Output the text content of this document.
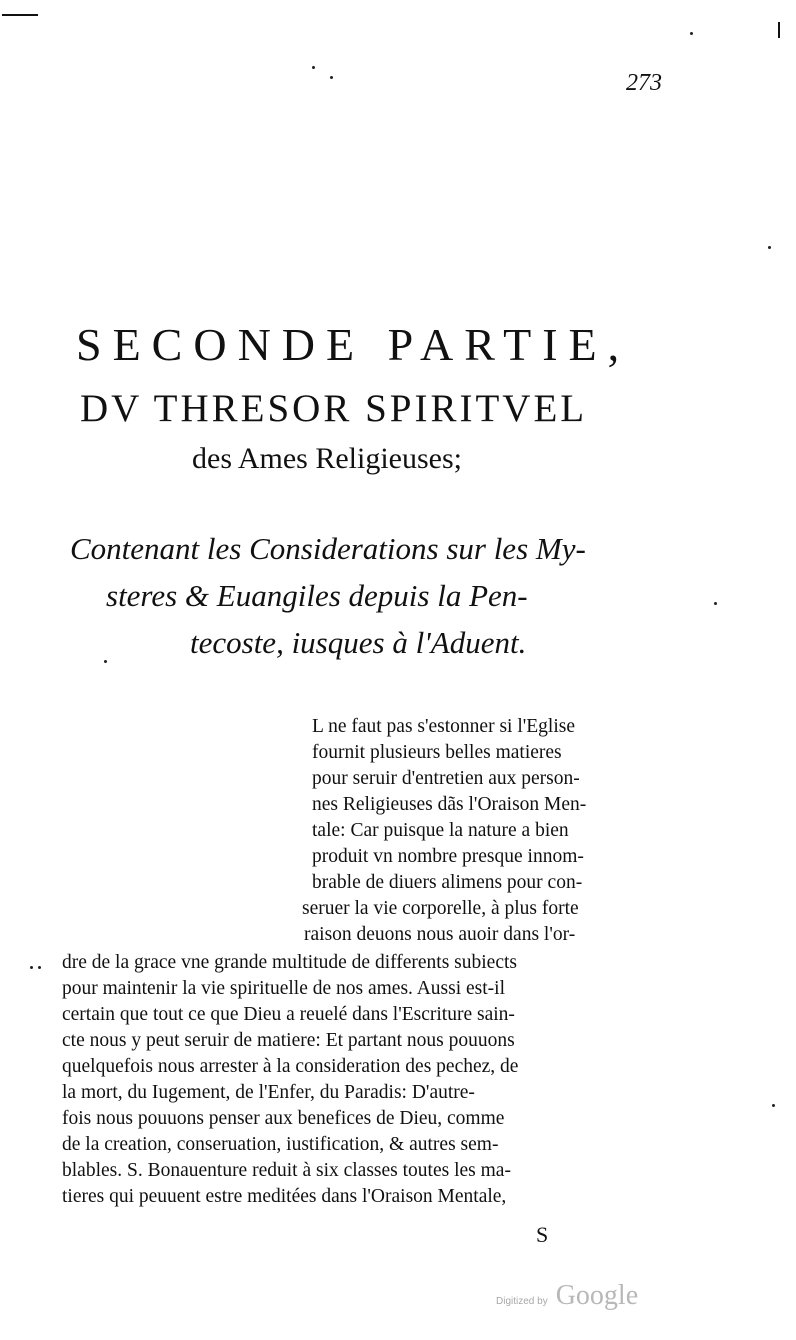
273
SECONDE PARTIE,
DV THRESOR SPIRITVEL
des Ames Religieuses;
Contenant les Considerations sur les My-
steres & Euangiles depuis la Pen-
tecoste, iusques à l'Aduent.
L ne faut pas s'estonner si l'Eglise
fournit plusieurs belles matieres
pour seruir d'entretien aux person-
nes Religieuses dãs l'Oraison Men-
tale: Car puisque la nature a bien
produit vn nombre presque innom-
brable de diuers alimens pour con-
seruer la vie corporelle, à plus forte
raison deuons nous auoir dans l'or-
dre de la grace vne grande multitude de differents subiects
pour maintenir la vie spirituelle de nos ames. Aussi est-il
certain que tout ce que Dieu a reuelé dans l'Escriture sain-
cte nous y peut seruir de matiere: Et partant nous pouuons
quelquefois nous arrester à la consideration des pechez, de
la mort, du Iugement, de l'Enfer, du Paradis: D'autre-
fois nous pouuons penser aux benefices de Dieu, comme
de la creation, conseruation, iustification, & autres sem-
blables. S. Bonauenture reduit à six classes toutes les ma-
tieres qui peuuent estre meditées dans l'Oraison Mentale,
S
Digitized by Google
